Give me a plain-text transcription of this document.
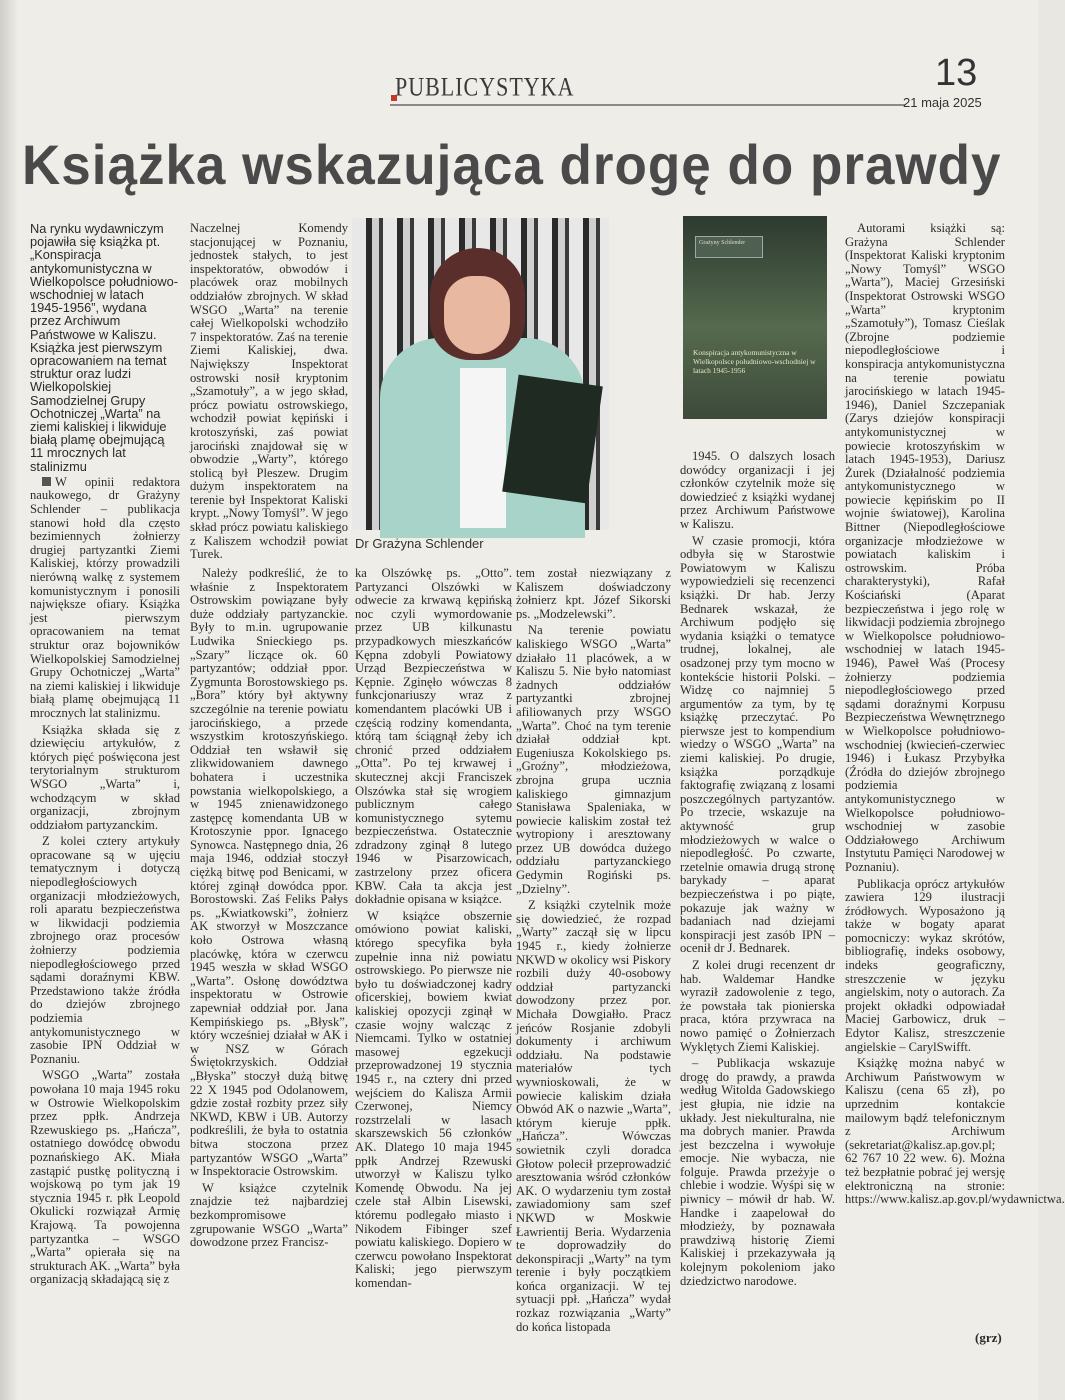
PUBLICYSTYKA	13
21 maja 2025
Książka wskazująca drogę do prawdy

Na rynku wydawniczym pojawiła się książka pt. „Konspiracja antykomunistyczna w Wielkopolsce południowo-wschodniej w latach 1945-1956”, wydana przez Archiwum Państwowe w Kaliszu. Książka jest pierwszym opracowaniem na temat struktur oraz ludzi Wielkopolskiej Samodzielnej Grupy Ochotniczej „Warta” na ziemi kaliskiej i likwiduje białą plamę obejmującą 11 mrocznych lat stalinizmu

W opinii redaktora naukowego, dr Grażyny Schlender – publikacja stanowi hołd dla często bezimiennych żołnierzy drugiej partyzantki Ziemi Kaliskiej, którzy prowadzili nierówną walkę z systemem komunistycznym i ponosili największe ofiary. Książka jest pierwszym opracowaniem na temat struktur oraz bojowników Wielkopolskiej Samodzielnej Grupy Ochotniczej „Warta” na ziemi kaliskiej i likwiduje białą plamę obejmującą 11 mrocznych lat stalinizmu.

Książka składa się z dziewięciu artykułów, z których pięć poświęcona jest terytorialnym strukturom WSGO „Warta” i, wchodzącym w skład organizacji, zbrojnym oddziałom partyzanckim.

Z kolei cztery artykuły opracowane są w ujęciu tematycznym i dotyczą niepodległościowych organizacji młodzieżowych, roli aparatu bezpieczeństwa w likwidacji podziemia zbrojnego oraz procesów żołnierzy podziemia niepodległościowego przed sądami doraźnymi KBW. Przedstawiono także źródła do dziejów zbrojnego podziemia antykomunistycznego w zasobie IPN Oddział w Poznaniu.

WSGO „Warta” została powołana 10 maja 1945 roku w Ostrowie Wielkopolskim przez ppłk. Andrzeja Rzewuskiego ps. „Hańcza”, ostatniego dowódcę obwodu poznańskiego AK. Miała zastąpić pustkę polityczną i wojskową po tym jak 19 stycznia 1945 r. płk Leopold Okulicki rozwiązał Armię Krajową. Ta powojenna partyzantka – WSGO „Warta” opierała się na strukturach AK. „Warta” była organizacją składającą się z

Naczelnej Komendy stacjonującej w Poznaniu, jednostek stałych, to jest inspektoratów, obwodów i placówek oraz mobilnych oddziałów zbrojnych. W skład WSGO „Warta” na terenie całej Wielkopolski wchodziło 7 inspektoratów. Zaś na terenie Ziemi Kaliskiej, dwa. Największy Inspektorat ostrowski nosił kryptonim „Szamotuły”, a w jego skład, prócz powiatu ostrowskiego, wchodził powiat kępiński i krotoszyński, zaś powiat jarociński znajdował się w obwodzie „Warty”, którego stolicą był Pleszew. Drugim dużym inspektoratem na terenie był Inspektorat Kaliski krypt. „Nowy Tomyśl”. W jego skład prócz powiatu kaliskiego z Kaliszem wchodził powiat Turek.

Dr Grażyna Schlender
Grażyny Schlender
Konspiracja antykomunistyczna w Wielkopolsce południowo-wschodniej w latach 1945-1956

Należy podkreślić, że to właśnie z Inspektoratem Ostrowskim powiązane były duże oddziały partyzanckie. Były to m.in. ugrupowanie Ludwika Snieckiego ps. „Szary” liczące ok. 60 partyzantów; oddział ppor. Zygmunta Borostowskiego ps. „Bora” który był aktywny szczególnie na terenie powiatu jarocińskiego, a przede wszystkim krotoszyńskiego. Oddział ten wsławił się zlikwidowaniem dawnego bohatera i uczestnika powstania wielkopolskiego, a w 1945 znienawidzonego zastępcę komendanta UB w Krotoszynie ppor. Ignacego Synowca. Następnego dnia, 26 maja 1946, oddział stoczył ciężką bitwę pod Benicami, w której zginął dowódca ppor. Borostowski. Zaś Feliks Pałys ps. „Kwiatkowski”, żołnierz AK stworzył w Moszczance koło Ostrowa własną placówkę, która w czerwcu 1945 weszła w skład WSGO „Warta”. Osłonę dowództwa inspektoratu w Ostrowie zapewniał oddział por. Jana Kempińskiego ps. „Błysk”, który wcześniej działał w AK i w NSZ w Górach Świętokrzyskich. Oddział „Błyska” stoczył dużą bitwę 22 X 1945 pod Odolanowem, gdzie został rozbity przez siły NKWD, KBW i UB. Autorzy podkreślili, że była to ostatnia bitwa stoczona przez partyzantów WSGO „Warta” w Inspektoracie Ostrowskim.

W książce czytelnik znajdzie też najbardziej bezkompromisowe zgrupowanie WSGO „Warta” dowodzone przez Francisz-

ka Olszówkę ps. „Otto”. Partyzanci Olszówki w odwecie za krwawą kępińską noc czyli wymordowanie przez UB kilkunastu przypadkowych mieszkańców Kępna zdobyli Powiatowy Urząd Bezpieczeństwa w Kępnie. Zginęło wówczas 8 funkcjonariuszy wraz z komendantem placówki UB i częścią rodziny komendanta, którą tam ściągnął żeby ich chronić przed oddziałem „Otta”. Po tej krwawej i skutecznej akcji Franciszek Olszówka stał się wrogiem publicznym całego komunistycznego sytemu bezpieczeństwa. Ostatecznie zdradzony zginął 8 lutego 1946 w Pisarzowicach, zastrzelony przez oficera KBW. Cała ta akcja jest dokładnie opisana w książce.

W książce obszernie omówiono powiat kaliski, którego specyfika była zupełnie inna niż powiatu ostrowskiego. Po pierwsze nie było tu doświadczonej kadry oficerskiej, bowiem kwiat kaliskiej opozycji zginął w czasie wojny walcząc z Niemcami. Tylko w ostatniej masowej egzekucji przeprowadzonej 19 stycznia 1945 r., na cztery dni przed wejściem do Kalisza Armii Czerwonej, Niemcy rozstrzelali w lasach skarszewskich 56 członków AK. Dlatego 10 maja 1945 ppłk Andrzej Rzewuski utworzył w Kaliszu tylko Komendę Obwodu. Na jej czele stał Albin Lisewski, któremu podlegało miasto i Nikodem Fibinger szef powiatu kaliskiego. Dopiero w czerwcu powołano Inspektorat Kaliski; jego pierwszym komendan-

tem został niezwiązany z Kaliszem doświadczony żołnierz kpt. Józef Sikorski ps. „Modzelewski”.

Na terenie powiatu kaliskiego WSGO „Warta” działało 11 placówek, a w Kaliszu 5. Nie było natomiast żadnych oddziałów partyzantki zbrojnej afiliowanych przy WSGO „Warta”. Choć na tym terenie działał oddział kpt. Eugeniusza Kokolskiego ps. „Groźny”, młodzieżowa, zbrojna grupa ucznia kaliskiego gimnazjum Stanisława Spaleniaka, w powiecie kaliskim został też wytropiony i aresztowany przez UB dowódca dużego oddziału partyzanckiego Gedymin Rogiński ps. „Dzielny”.

Z książki czytelnik może się dowiedzieć, że rozpad „Warty” zaczął się w lipcu 1945 r., kiedy żołnierze NKWD w okolicy wsi Piskory rozbili duży 40-osobowy oddział partyzancki dowodzony przez por. Michała Dowgiałło. Pracz jeńców Rosjanie zdobyli dokumenty i archiwum oddziału. Na podstawie materiałów tych wywnioskowali, że w powiecie kaliskim działa Obwód AK o nazwie „Warta”, którym kieruje ppłk. „Hańcza”. Wówczas sowietnik czyli doradca Głotow polecił przeprowadzić aresztowania wśród członków AK. O wydarzeniu tym został zawiadomiony sam szef NKWD w Moskwie Ławrientij Beria. Wydarzenia te doprowadziły do dekonspiracji „Warty” na tym terenie i były początkiem końca organizacji. W tej sytuacji ppł. „Hańcza” wydał rozkaz rozwiązania „Warty” do końca listopada

1945. O dalszych losach dowódcy organizacji i jej członków czytelnik może się dowiedzieć z książki wydanej przez Archiwum Państwowe w Kaliszu.

W czasie promocji, która odbyła się w Starostwie Powiatowym w Kaliszu wypowiedzieli się recenzenci książki. Dr hab. Jerzy Bednarek wskazał, że Archiwum podjęło się wydania książki o tematyce trudnej, lokalnej, ale osadzonej przy tym mocno w kontekście historii Polski. – Widzę co najmniej 5 argumentów za tym, by tę książkę przeczytać. Po pierwsze jest to kompendium wiedzy o WSGO „Warta” na ziemi kaliskiej. Po drugie, książka porządkuje faktografię związaną z losami poszczególnych partyzantów. Po trzecie, wskazuje na aktywność grup młodzieżowych w walce o niepodległość. Po czwarte, rzetelnie omawia drugą stronę barykady – aparat bezpieczeństwa i po piąte, pokazuje jak ważny w badaniach nad dziejami konspiracji jest zasób IPN – ocenił dr J. Bednarek.

Z kolei drugi recenzent dr hab. Waldemar Handke wyraził zadowolenie z tego, że powstała tak pionierska praca, która przywraca na nowo pamięć o Żołnierzach Wyklętych Ziemi Kaliskiej.

– Publikacja wskazuje drogę do prawdy, a prawda według Witolda Gadowskiego jest głupia, nie idzie na układy. Jest niekulturalna, nie ma dobrych manier. Prawda jest bezczelna i wywołuje emocje. Nie wybacza, nie folguje. Prawda przeżyje o chlebie i wodzie. Wyśpi się w piwnicy – mówił dr hab. W. Handke i zaapelował do młodzieży, by poznawała prawdziwą historię Ziemi Kaliskiej i przekazywała ją kolejnym pokoleniom jako dziedzictwo narodowe.

Autorami książki są: Grażyna Schlender (Inspektorat Kaliski kryptonim „Nowy Tomyśl” WSGO „Warta”), Maciej Grzesiński (Inspektorat Ostrowski WSGO „Warta” kryptonim „Szamotuły”), Tomasz Cieślak (Zbrojne podziemie niepodległościowe i konspiracja antykomunistyczna na terenie powiatu jarocińskiego w latach 1945-1946), Daniel Szczepaniak (Zarys dziejów konspiracji antykomunistycznej w powiecie krotoszyńskim w latach 1945-1953), Dariusz Żurek (Działalność podziemia antykomunistycznego w powiecie kępińskim po II wojnie światowej), Karolina Bittner (Niepodległościowe organizacje młodzieżowe w powiatach kaliskim i ostrowskim. Próba charakterystyki), Rafał Kościański (Aparat bezpieczeństwa i jego rolę w likwidacji podziemia zbrojnego w Wielkopolsce południowo-wschodniej w latach 1945-1946), Paweł Waś (Procesy żołnierzy podziemia niepodległościowego przed sądami doraźnymi Korpusu Bezpieczeństwa Wewnętrznego w Wielkopolsce południowo-wschodniej (kwiecień-czerwiec 1946) i Łukasz Przybyłka (Źródła do dziejów zbrojnego podziemia antykomunistycznego w Wielkopolsce południowo-wschodniej w zasobie Oddziałowego Archiwum Instytutu Pamięci Narodowej w Poznaniu).

Publikacja oprócz artykułów zawiera 129 ilustracji źródłowych. Wyposażono ją także w bogaty aparat pomocniczy: wykaz skrótów, bibliografię, indeks osobowy, indeks geograficzny, streszczenie w języku angielskim, noty o autorach. Za projekt okładki odpowiadał Maciej Garbowicz, druk – Edytor Kalisz, streszczenie angielskie – CarylSwifft.

Książkę można nabyć w Archiwum Państwowym w Kaliszu (cena 65 zł), po uprzednim kontakcie mailowym bądź telefonicznym z Archiwum (sekretariat@kalisz.ap.gov.pl; 62 767 10 22 wew. 6). Można też bezpłatnie pobrać jej wersję elektroniczną na stronie: https://www.kalisz.ap.gov.pl/wydawnictwa.

(grz)
